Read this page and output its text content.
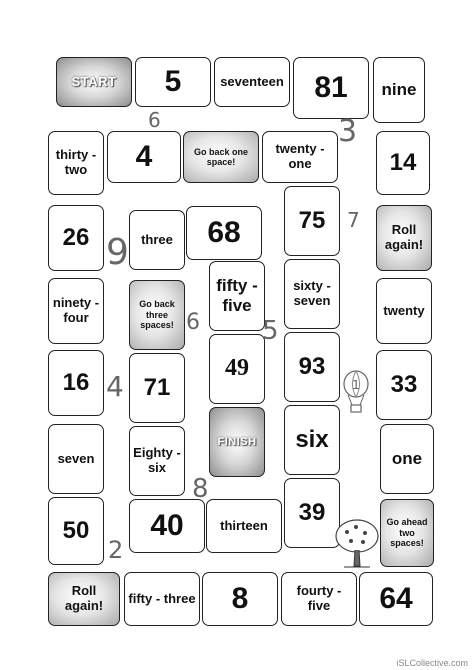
START 5	seventeen 81 nine
thirty - two	4	Go back one space!
twenty - one	14
26	three 68 75	Roll again!
ninety - four
Go back three spaces!
fifty - five
sixty - seven
twenty
16 71
49 93
33
seven	Eighty - six
FINISH six
one
50 40	thirteen 39	Go ahead two spaces!
Roll again!	fifty - three 8	fourty - five	64
6	3
7
9
6 5
4
8
2
1
iSLCollective.com
